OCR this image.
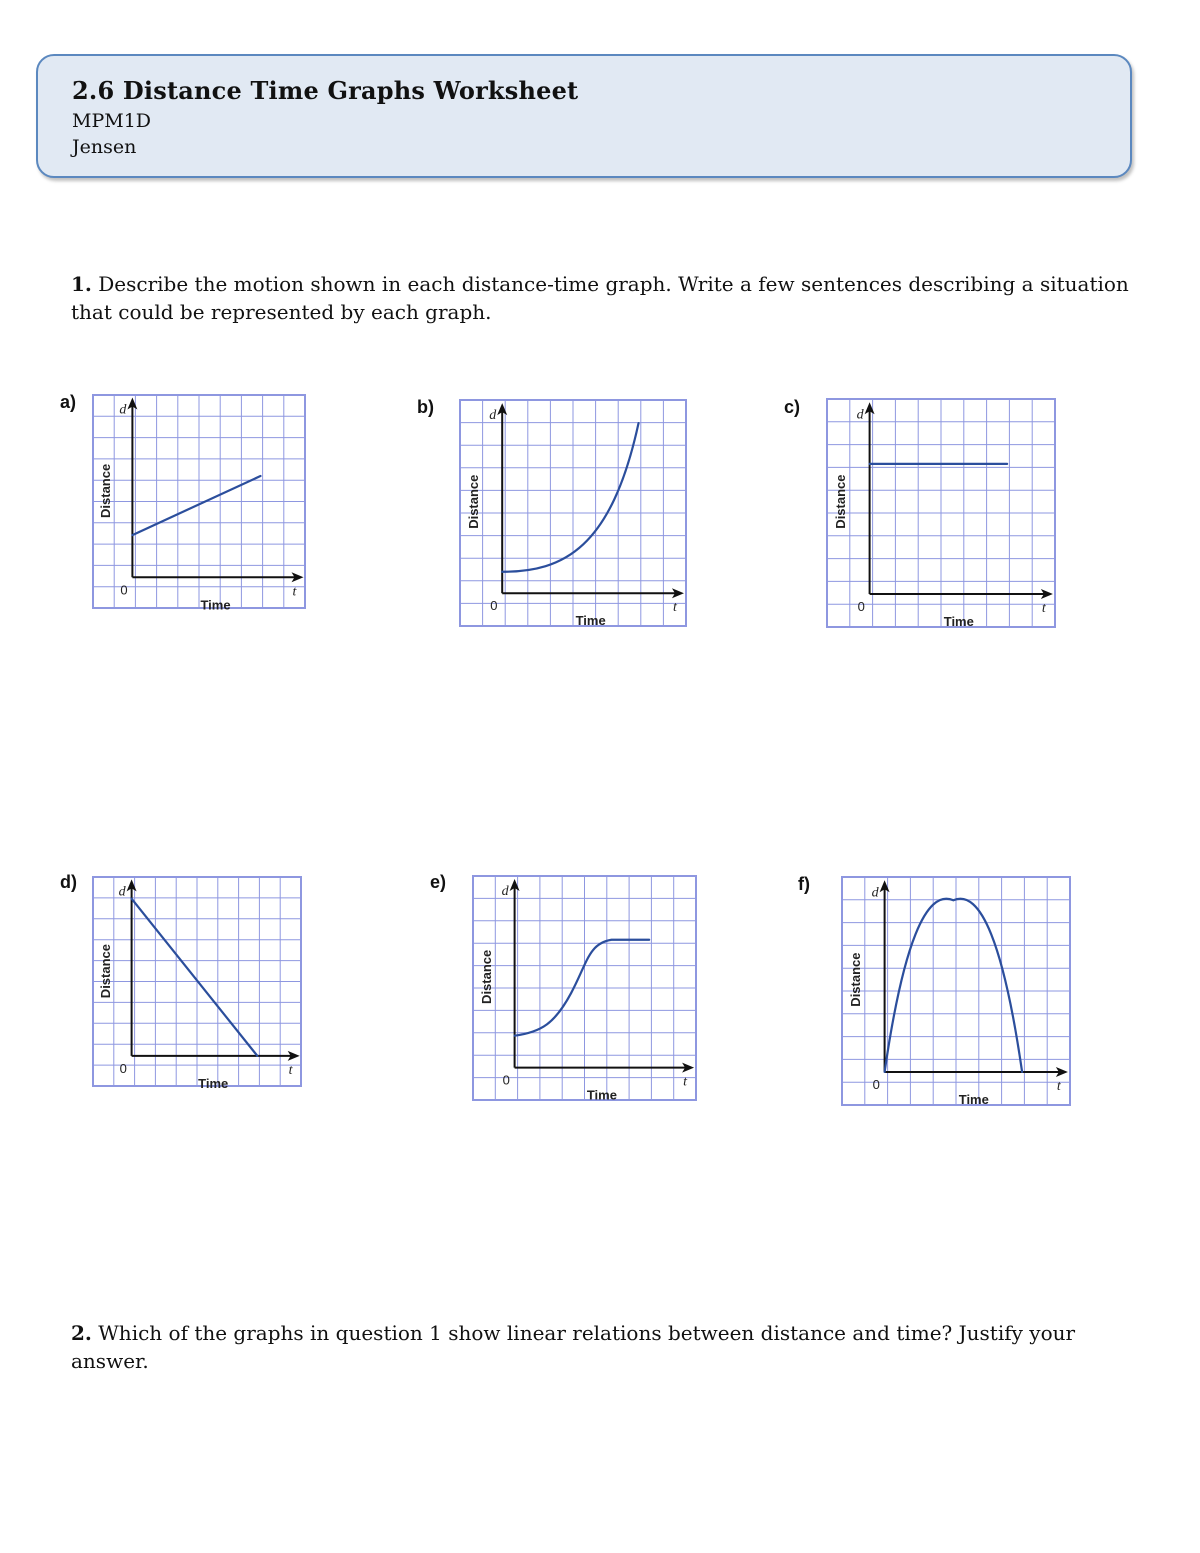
2.6 Distance Time Graphs Worksheet
MPM1D
Jensen
1. Describe the motion shown in each distance-time graph. Write a few sentences describing a situation that could be represented by each graph.
2. Which of the graphs in question 1 show linear relations between distance and time? Justify your answer.
a)	b)	c)
d)	e)	f)
0	t
d
Time
Distance
0	t
d
Time
Distance
0	t
d
Time
Distance
0	t
d
Time
Distance
0	t
d
Time
Distance
0	t
d
Time
Distance
